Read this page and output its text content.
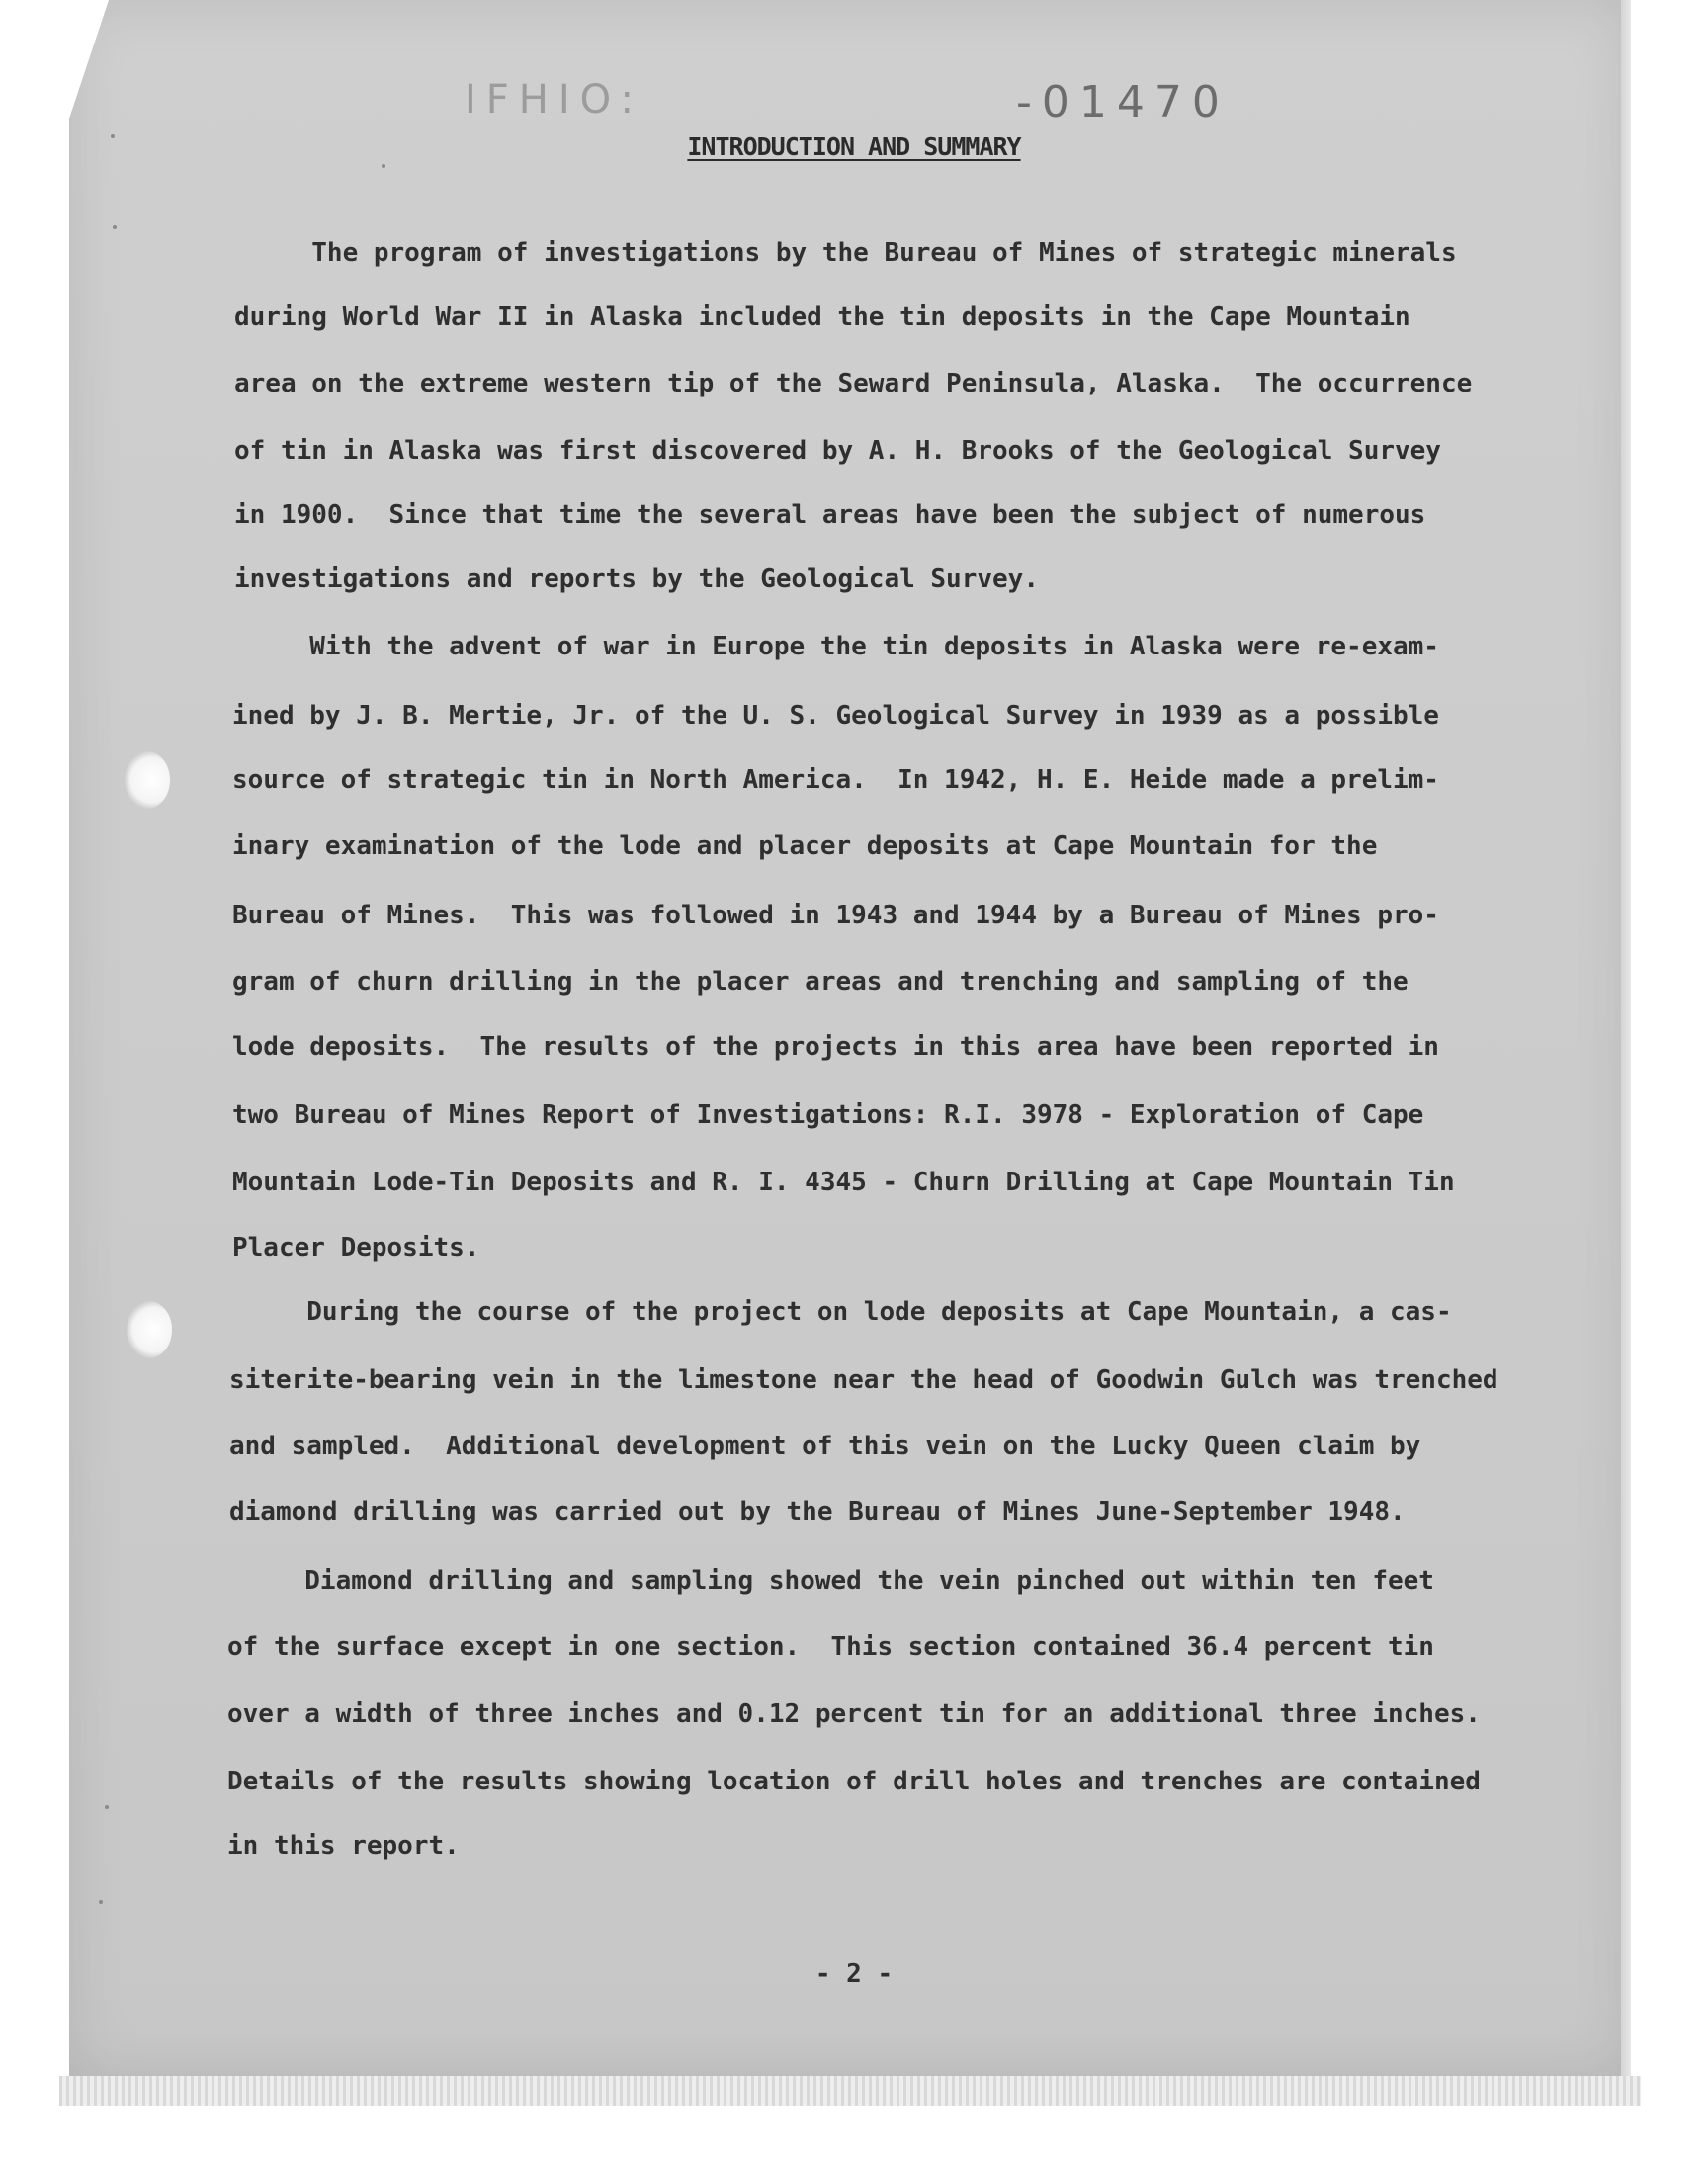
IFHIO:	-01470
INTRODUCTION AND SUMMARY
The program of investigations by the Bureau of Mines of strategic minerals
during World War II in Alaska included the tin deposits in the Cape Mountain
area on the extreme western tip of the Seward Peninsula, Alaska.  The occurrence
of tin in Alaska was first discovered by A. H. Brooks of the Geological Survey
in 1900.  Since that time the several areas have been the subject of numerous
investigations and reports by the Geological Survey.
With the advent of war in Europe the tin deposits in Alaska were re-exam-
ined by J. B. Mertie, Jr. of the U. S. Geological Survey in 1939 as a possible
source of strategic tin in North America.  In 1942, H. E. Heide made a prelim-
inary examination of the lode and placer deposits at Cape Mountain for the
Bureau of Mines.  This was followed in 1943 and 1944 by a Bureau of Mines pro-
gram of churn drilling in the placer areas and trenching and sampling of the
lode deposits.  The results of the projects in this area have been reported in
two Bureau of Mines Report of Investigations: R.I. 3978 - Exploration of Cape
Mountain Lode-Tin Deposits and R. I. 4345 - Churn Drilling at Cape Mountain Tin
Placer Deposits.
During the course of the project on lode deposits at Cape Mountain, a cas-
siterite-bearing vein in the limestone near the head of Goodwin Gulch was trenched
and sampled.  Additional development of this vein on the Lucky Queen claim by
diamond drilling was carried out by the Bureau of Mines June-September 1948.
Diamond drilling and sampling showed the vein pinched out within ten feet
of the surface except in one section.  This section contained 36.4 percent tin
over a width of three inches and 0.12 percent tin for an additional three inches.
Details of the results showing location of drill holes and trenches are contained
in this report.
- 2 -
